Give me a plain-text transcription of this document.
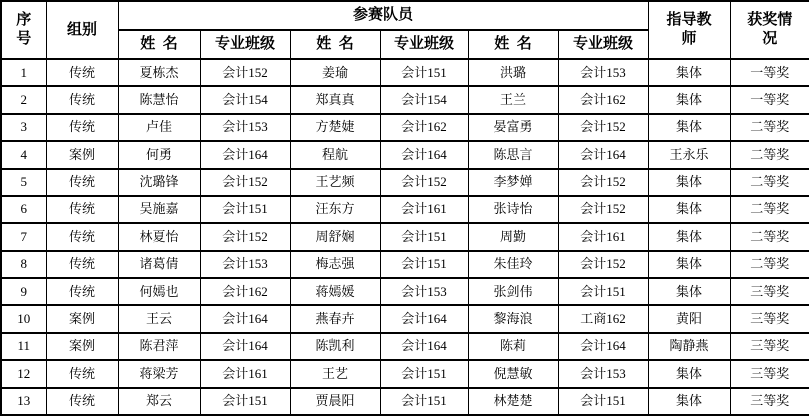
序号	组别	参赛队员						指导教师	获奖情况
		姓  名	专业班级	姓  名	专业班级	姓  名	专业班级		
1	传统	夏栋杰	会计152	姜瑜	会计151	洪璐	会计153	集体	一等奖
2	传统	陈慧怡	会计154	郑真真	会计154	王兰	会计162	集体	一等奖
3	传统	卢佳	会计153	方楚婕	会计162	晏富勇	会计152	集体	二等奖
4	案例	何勇	会计164	程航	会计164	陈思言	会计164	王永乐	二等奖
5	传统	沈璐锋	会计152	王艺频	会计152	李梦婵	会计152	集体	二等奖
6	传统	吴施嘉	会计151	汪东方	会计161	张诗怡	会计152	集体	二等奖
7	传统	林夏怡	会计152	周舒娴	会计151	周勤	会计161	集体	二等奖
8	传统	诸葛倩	会计153	梅志强	会计151	朱佳玲	会计152	集体	二等奖
9	传统	何嫣也	会计162	蒋嫣媛	会计153	张剑伟	会计151	集体	三等奖
10	案例	王云	会计164	燕春卉	会计164	黎海浪	工商162	黄阳	三等奖
11	案例	陈君萍	会计164	陈凯利	会计164	陈莉	会计164	陶静燕	三等奖
12	传统	蒋梁芳	会计161	王艺	会计151	倪慧敏	会计153	集体	三等奖
13	传统	郑云	会计151	贾晨阳	会计151	林楚楚	会计151	集体	三等奖
